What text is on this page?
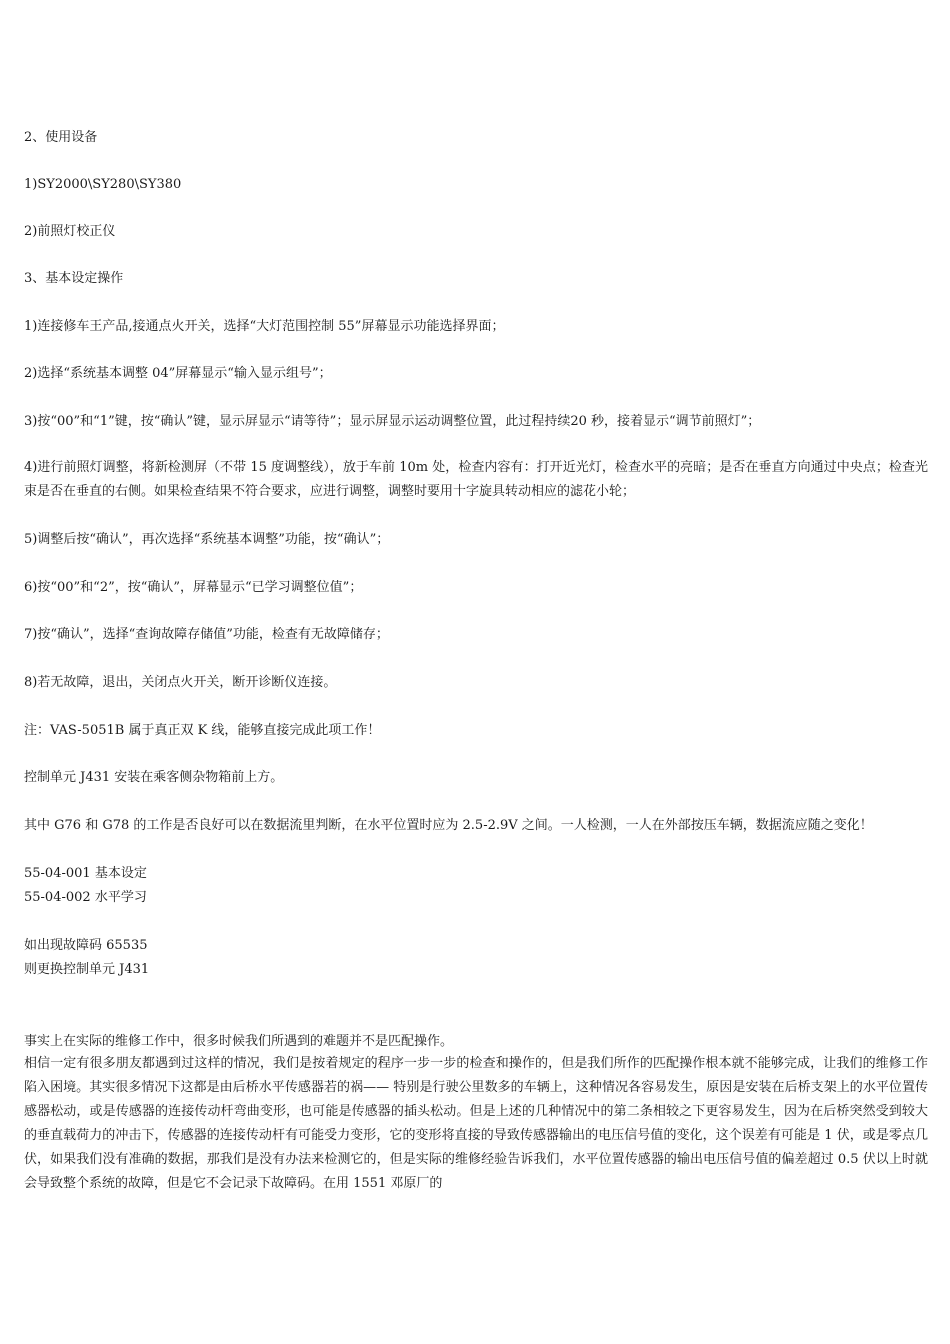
2、使用设备
1)SY2000\SY280\SY380
2)前照灯校正仪
3、基本设定操作
1)连接修车王产品,接通点火开关，选择“大灯范围控制 55”屏幕显示功能选择界面；
2)选择“系统基本调整 04”屏幕显示“输入显示组号”；
3)按“00”和“1”键，按“确认”键，显示屏显示“请等待”；显示屏显示运动调整位置，此过程持续20 秒，接着显示“调节前照灯”；
4)进行前照灯调整，将新检测屏（不带 15 度调整线），放于车前 10m 处，检查内容有：打开近光灯，检查水平的亮暗；是否在垂直方向通过中央点；检查光束是否在垂直的右侧。如果检查结果不符合要求，应进行调整，调整时要用十字旋具转动相应的滤花小轮；
5)调整后按“确认”，再次选择“系统基本调整”功能，按“确认”；
6)按“00”和“2”，按“确认”，屏幕显示“已学习调整位值”；
7)按“确认”，选择“查询故障存储值”功能，检查有无故障储存；
8)若无故障，退出，关闭点火开关，断开诊断仪连接。
注：VAS-5051B 属于真正双 K 线，能够直接完成此项工作！
控制单元 J431 安装在乘客侧杂物箱前上方。
其中 G76 和 G78 的工作是否良好可以在数据流里判断，在水平位置时应为 2.5-2.9V 之间。一人检测，一人在外部按压车辆，数据流应随之变化！
55-04-001 基本设定
55-04-002 水平学习
如出现故障码 65535
则更换控制单元 J431
事实上在实际的维修工作中，很多时候我们所遇到的难题并不是匹配操作。
相信一定有很多朋友都遇到过这样的情况，我们是按着规定的程序一步一步的检查和操作的，但是我们所作的匹配操作根本就不能够完成，让我们的维修工作陷入困境。其实很多情况下这都是由后桥水平传感器若的祸—— 特别是行驶公里数多的车辆上，这种情况各容易发生，原因是安装在后桥支架上的水平位置传感器松动，或是传感器的连接传动杆弯曲变形，也可能是传感器的插头松动。但是上述的几种情况中的第二条相较之下更容易发生，因为在后桥突然受到较大的垂直载荷力的冲击下，传感器的连接传动杆有可能受力变形，它的变形将直接的导致传感器输出的电压信号值的变化，这个误差有可能是 1 伏，或是零点几伏，如果我们没有准确的数据，那我们是没有办法来检测它的，但是实际的维修经验告诉我们，水平位置传感器的输出电压信号值的偏差超过 0.5 伏以上时就会导致整个系统的故障，但是它不会记录下故障码。在用 1551 邓原厂的
